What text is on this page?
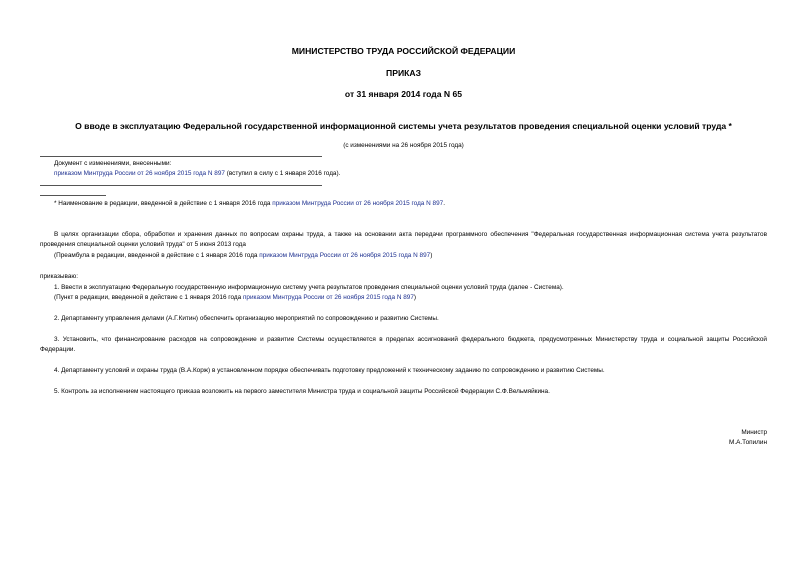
МИНИСТЕРСТВО ТРУДА РОССИЙСКОЙ ФЕДЕРАЦИИ
ПРИКАЗ
от 31 января 2014 года N 65
О вводе в эксплуатацию Федеральной государственной информационной системы учета результатов проведения специальной оценки условий труда *
(с изменениями на 26 ноября 2015 года)
Документ с изменениями, внесенными:
приказом Минтруда России от 26 ноября 2015 года N 897 (вступил в силу с 1 января 2016 года).
* Наименование в редакции, введенной в действие с 1 января 2016 года приказом Минтруда России от 26 ноября 2015 года N 897.
В целях организации сбора, обработки и хранения данных по вопросам охраны труда, а также на основании акта передачи программного обеспечения "Федеральная государственная информационная система учета результатов проведения специальной оценки условий труда" от 5 июня 2013 года
(Преамбула в редакции, введенной в действие с 1 января 2016 года приказом Минтруда России от 26 ноября 2015 года N 897)
приказываю:
1. Ввести в эксплуатацию Федеральную государственную информационную систему учета результатов проведения специальной оценки условий труда (далее - Система).
(Пункт в редакции, введенной в действие с 1 января 2016 года приказом Минтруда России от 26 ноября 2015 года N 897)
2. Департаменту управления делами (А.Г.Китин) обеспечить организацию мероприятий по сопровождению и развитию Системы.
3. Установить, что финансирование расходов на сопровождение и развитие Системы осуществляется в пределах ассигнований федерального бюджета, предусмотренных Министерству труда и социальной защиты Российской Федерации.
4. Департаменту условий и охраны труда (В.А.Корж) в установленном порядке обеспечивать подготовку предложений к техническому заданию по сопровождению и развитию Системы.
5. Контроль за исполнением настоящего приказа возложить на первого заместителя Министра труда и социальной защиты Российской Федерации С.Ф.Вельмяйкина.
Министр
М.А.Топилин
